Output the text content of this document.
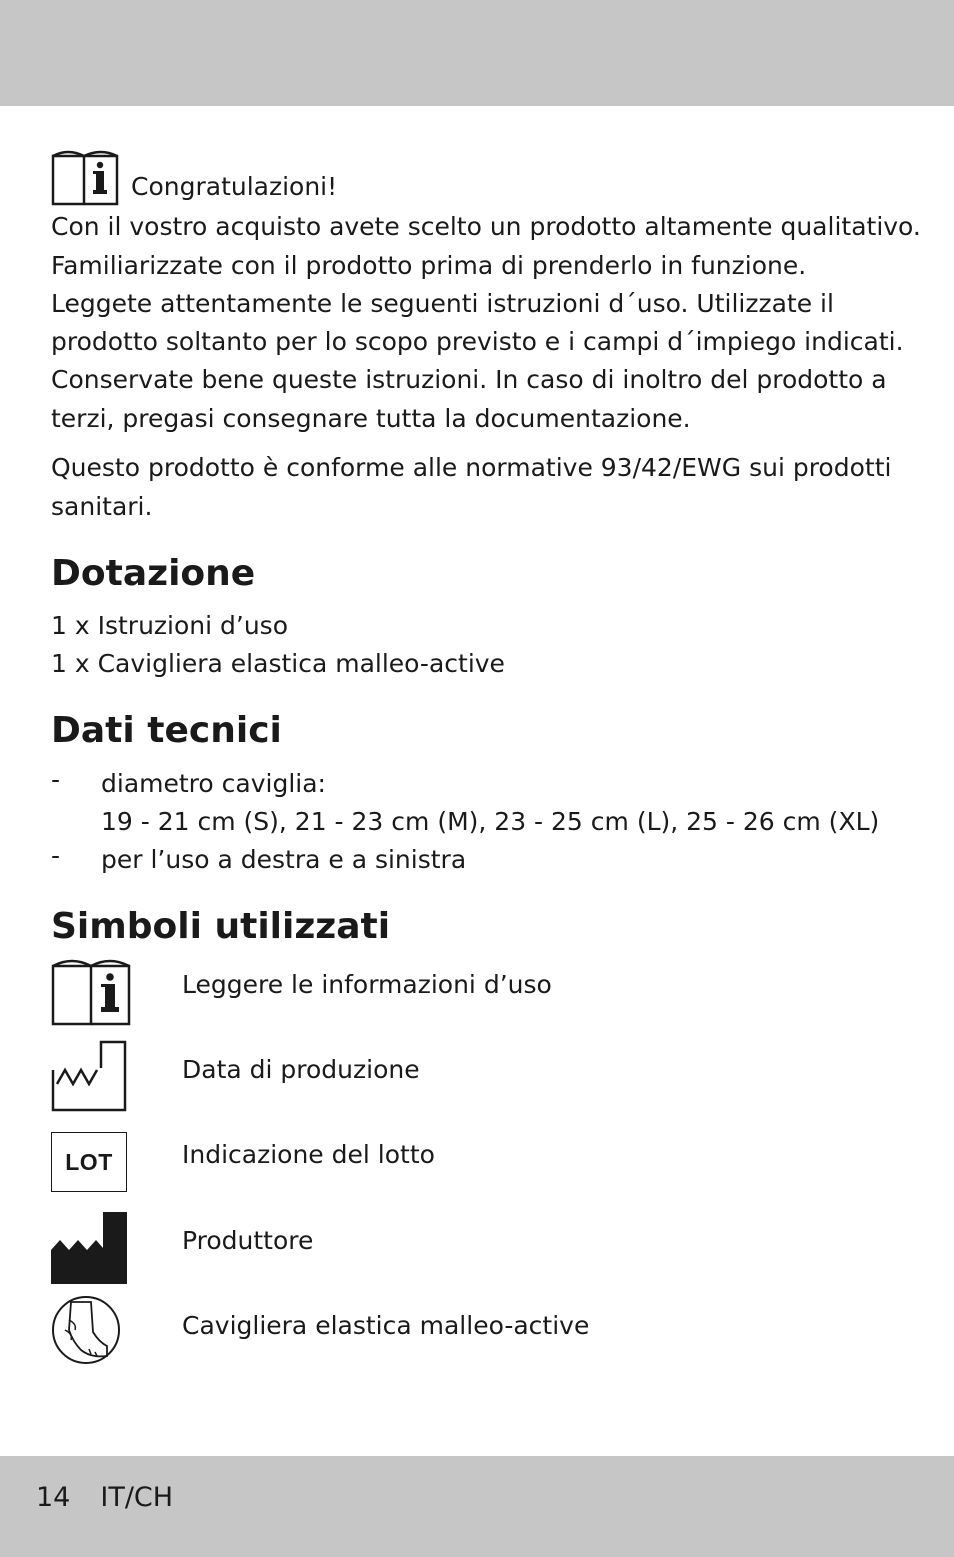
Congratulazioni!
Con il vostro acquisto avete scelto un prodotto altamente qualitativo.
Familiarizzate con il prodotto prima di prenderlo in funzione.
Leggete attentamente le seguenti istruzioni d´uso. Utilizzate il
prodotto soltanto per lo scopo previsto e i campi d´impiego indicati.
Conservate bene queste istruzioni. In caso di inoltro del prodotto a
terzi, pregasi consegnare tutta la documentazione.
Questo prodotto è conforme alle normative 93/42/EWG sui prodotti
sanitari.
Dotazione
1 x Istruzioni d’uso
1 x Cavigliera elastica malleo-active
Dati tecnici
- diametro caviglia:
19 - 21 cm (S), 21 - 23 cm (M), 23 - 25 cm (L), 25 - 26 cm (XL)
- per l’uso a destra e a sinistra
Simboli utilizzati
Leggere le informazioni d’uso
Data di produzione
LOT	Indicazione del lotto
Produttore
Cavigliera elastica malleo-active
14 IT/CH
